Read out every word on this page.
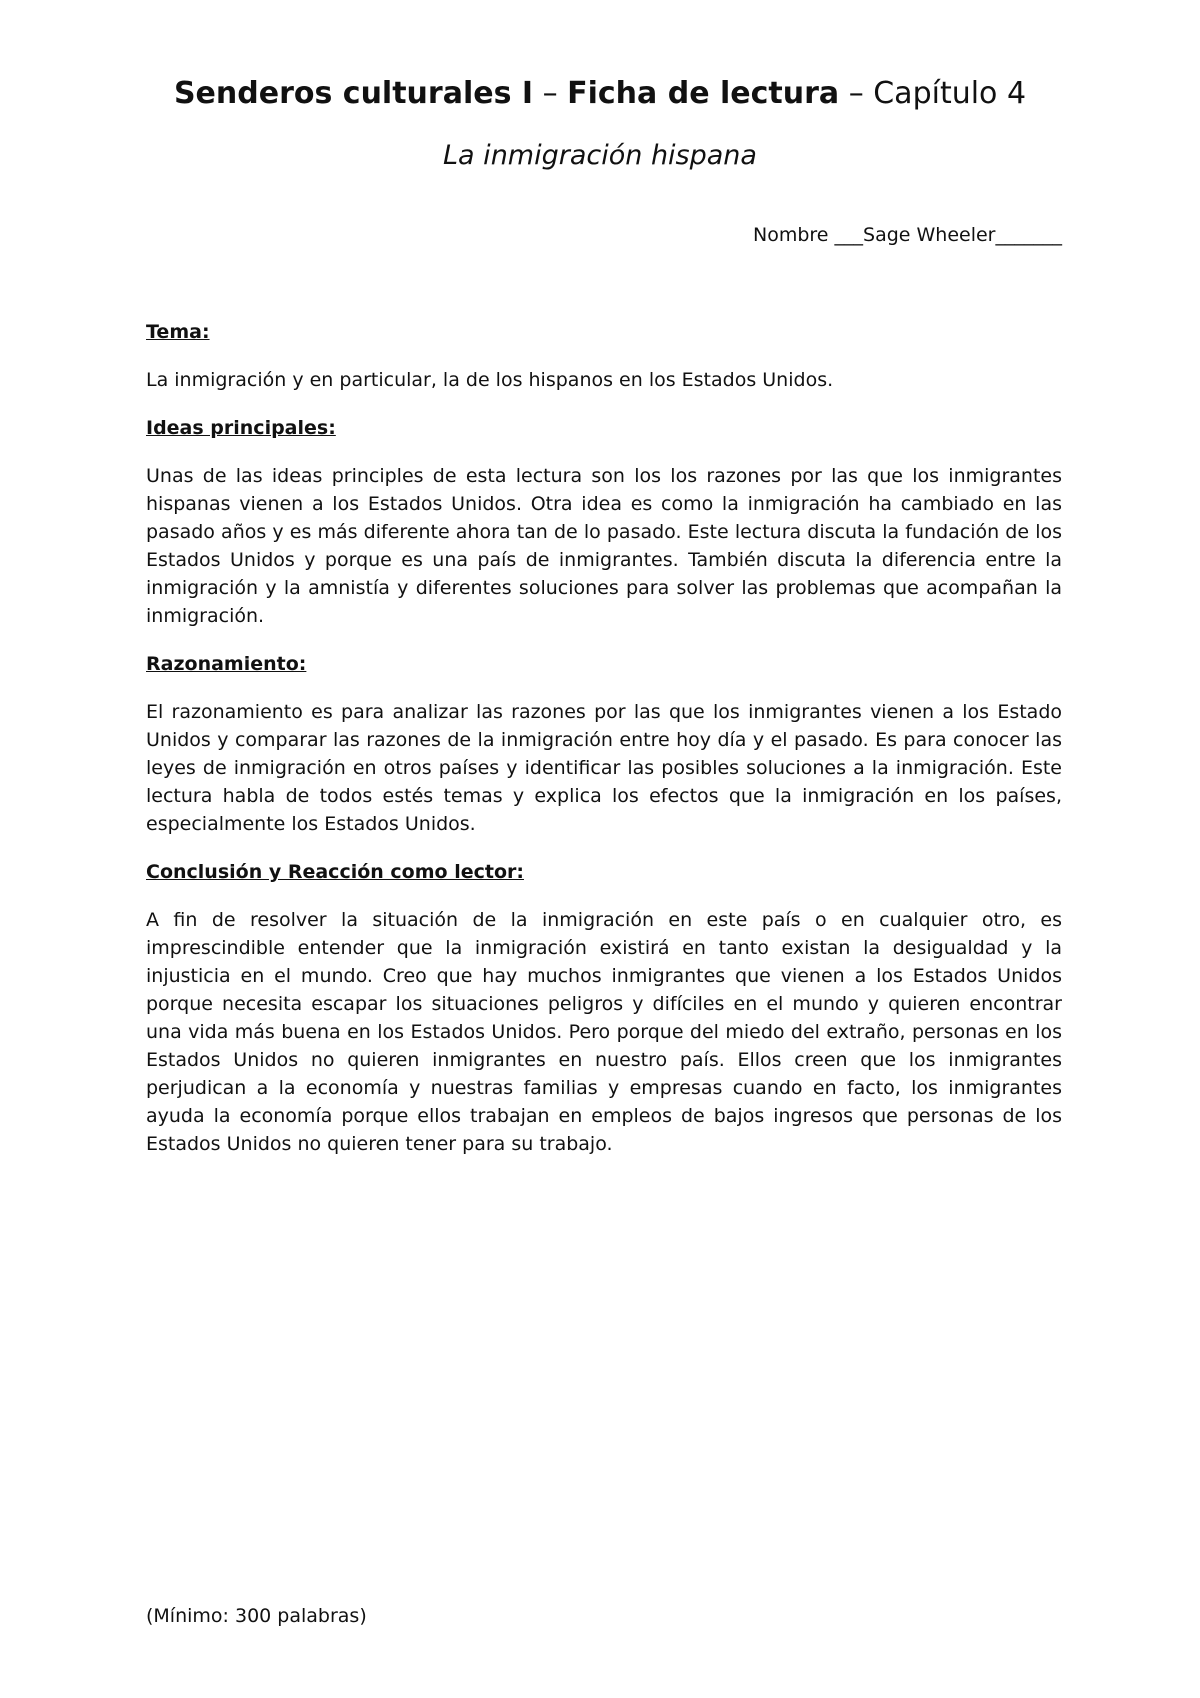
Senderos culturales I – Ficha de lectura – Capítulo 4
La inmigración hispana
Nombre ___Sage Wheeler_______
Tema:
La inmigración y en particular, la de los hispanos en los Estados Unidos.
Ideas principales:
Unas de las ideas principles de esta lectura son los los razones por las que los inmigrantes hispanas vienen a los Estados Unidos. Otra idea es como la inmigración ha cambiado en las pasado años y es más diferente ahora tan de lo pasado. Este lectura discuta la fundación de los Estados Unidos y porque es una país de inmigrantes. También discuta la diferencia entre la inmigración y la amnistía y diferentes soluciones para solver las problemas que acompañan la inmigración.
Razonamiento:
El razonamiento es para analizar las razones por las que los inmigrantes vienen a los Estado Unidos y comparar las razones de la inmigración entre hoy día y el pasado. Es para conocer las leyes de inmigración en otros países y identificar las posibles soluciones a la inmigración. Este lectura habla de todos estés temas y explica los efectos que la inmigración en los países, especialmente los Estados Unidos.
Conclusión y Reacción como lector:
A fin de resolver la situación de la inmigración en este país o en cualquier otro, es imprescindible entender que la inmigración existirá en tanto existan la desigualdad y la injusticia en el mundo. Creo que hay muchos inmigrantes que vienen a los Estados Unidos porque necesita escapar los situaciones peligros y difíciles en el mundo y quieren encontrar una vida más buena en los Estados Unidos. Pero porque del miedo del extraño, personas en los Estados Unidos no quieren inmigrantes en nuestro país. Ellos creen que los inmigrantes perjudican a la economía y nuestras familias y empresas cuando en facto, los inmigrantes ayuda la economía porque ellos trabajan en empleos de bajos ingresos que personas de los Estados Unidos no quieren tener para su trabajo.
(Mínimo: 300 palabras)
